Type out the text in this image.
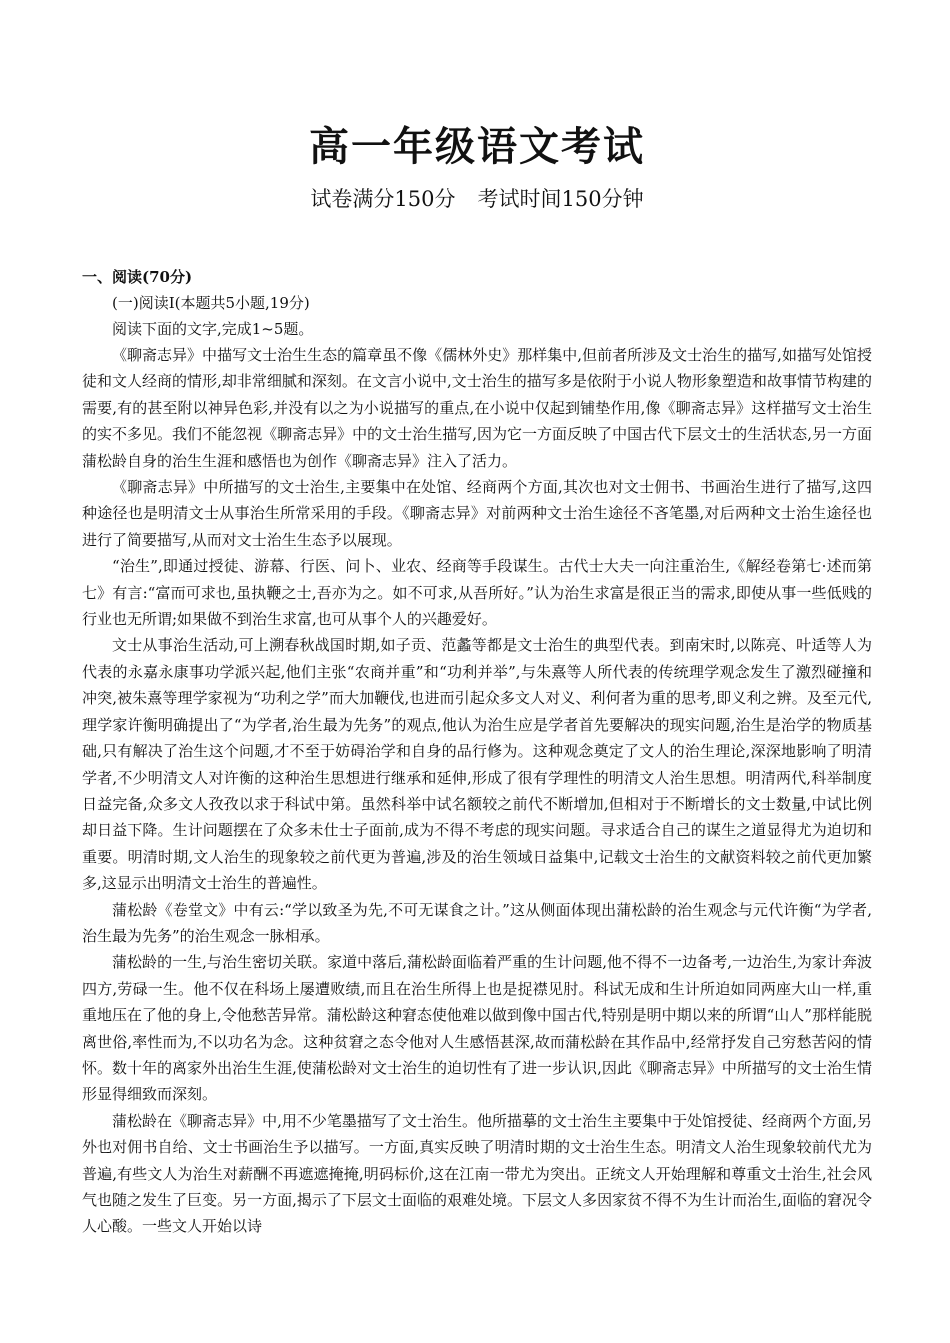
高一年级语文考试
试卷满分150分 考试时间150分钟
一、阅读(70分)
(一)阅读Ⅰ(本题共5小题,19分)
阅读下面的文字,完成1~5题。

《聊斋志异》中描写文士治生生态的篇章虽不像《儒林外史》那样集中,但前者所涉及文士治生的描写,如描写处馆授徒和文人经商的情形,却非常细腻和深刻。在文言小说中,文士治生的描写多是依附于小说人物形象塑造和故事情节构建的需要,有的甚至附以神异色彩,并没有以之为小说描写的重点,在小说中仅起到铺垫作用,像《聊斋志异》这样描写文士治生的实不多见。我们不能忽视《聊斋志异》中的文士治生描写,因为它一方面反映了中国古代下层文士的生活状态,另一方面蒲松龄自身的治生生涯和感悟也为创作《聊斋志异》注入了活力。

《聊斋志异》中所描写的文士治生,主要集中在处馆、经商两个方面,其次也对文士佣书、书画治生进行了描写,这四种途径也是明清文士从事治生所常采用的手段。《聊斋志异》对前两种文士治生途径不吝笔墨,对后两种文士治生途径也进行了简要描写,从而对文士治生生态予以展现。

“治生”,即通过授徒、游幕、行医、问卜、业农、经商等手段谋生。古代士大夫一向注重治生,《解经卷第七·述而第七》有言:“富而可求也,虽执鞭之士,吾亦为之。如不可求,从吾所好。”认为治生求富是很正当的需求,即使从事一些低贱的行业也无所谓;如果做不到治生求富,也可从事个人的兴趣爱好。

文士从事治生活动,可上溯春秋战国时期,如子贡、范蠡等都是文士治生的典型代表。到南宋时,以陈亮、叶适等人为代表的永嘉永康事功学派兴起,他们主张“农商并重”和“功利并举”,与朱熹等人所代表的传统理学观念发生了激烈碰撞和冲突,被朱熹等理学家视为“功利之学”而大加鞭伐,也进而引起众多文人对义、利何者为重的思考,即义利之辨。及至元代,理学家许衡明确提出了“为学者,治生最为先务”的观点,他认为治生应是学者首先要解决的现实问题,治生是治学的物质基础,只有解决了治生这个问题,才不至于妨碍治学和自身的品行修为。这种观念奠定了文人的治生理论,深深地影响了明清学者,不少明清文人对许衡的这种治生思想进行继承和延伸,形成了很有学理性的明清文人治生思想。明清两代,科举制度日益完备,众多文人孜孜以求于科试中第。虽然科举中试名额较之前代不断增加,但相对于不断增长的文士数量,中试比例却日益下降。生计问题摆在了众多未仕士子面前,成为不得不考虑的现实问题。寻求适合自己的谋生之道显得尤为迫切和重要。明清时期,文人治生的现象较之前代更为普遍,涉及的治生领域日益集中,记载文士治生的文献资料较之前代更加繁多,这显示出明清文士治生的普遍性。

蒲松龄《卷堂文》中有云:“学以致圣为先,不可无谋食之计。”这从侧面体现出蒲松龄的治生观念与元代许衡“为学者,治生最为先务”的治生观念一脉相承。

蒲松龄的一生,与治生密切关联。家道中落后,蒲松龄面临着严重的生计问题,他不得不一边备考,一边治生,为家计奔波四方,劳碌一生。他不仅在科场上屡遭败绩,而且在治生所得上也是捉襟见肘。科试无成和生计所迫如同两座大山一样,重重地压在了他的身上,令他愁苦异常。蒲松龄这种窘态使他难以做到像中国古代,特别是明中期以来的所谓“山人”那样能脱离世俗,率性而为,不以功名为念。这种贫窘之态令他对人生感悟甚深,故而蒲松龄在其作品中,经常抒发自己穷愁苦闷的情怀。数十年的离家外出治生生涯,使蒲松龄对文士治生的迫切性有了进一步认识,因此《聊斋志异》中所描写的文士治生情形显得细致而深刻。

蒲松龄在《聊斋志异》中,用不少笔墨描写了文士治生。他所描摹的文士治生主要集中于处馆授徒、经商两个方面,另外也对佣书自给、文士书画治生予以描写。一方面,真实反映了明清时期的文士治生生态。明清文人治生现象较前代尤为普遍,有些文人为治生对薪酬不再遮遮掩掩,明码标价,这在江南一带尤为突出。正统文人开始理解和尊重文士治生,社会风气也随之发生了巨变。另一方面,揭示了下层文士面临的艰难处境。下层文人多因家贫不得不为生计而治生,面临的窘况令人心酸。一些文人开始以诗
